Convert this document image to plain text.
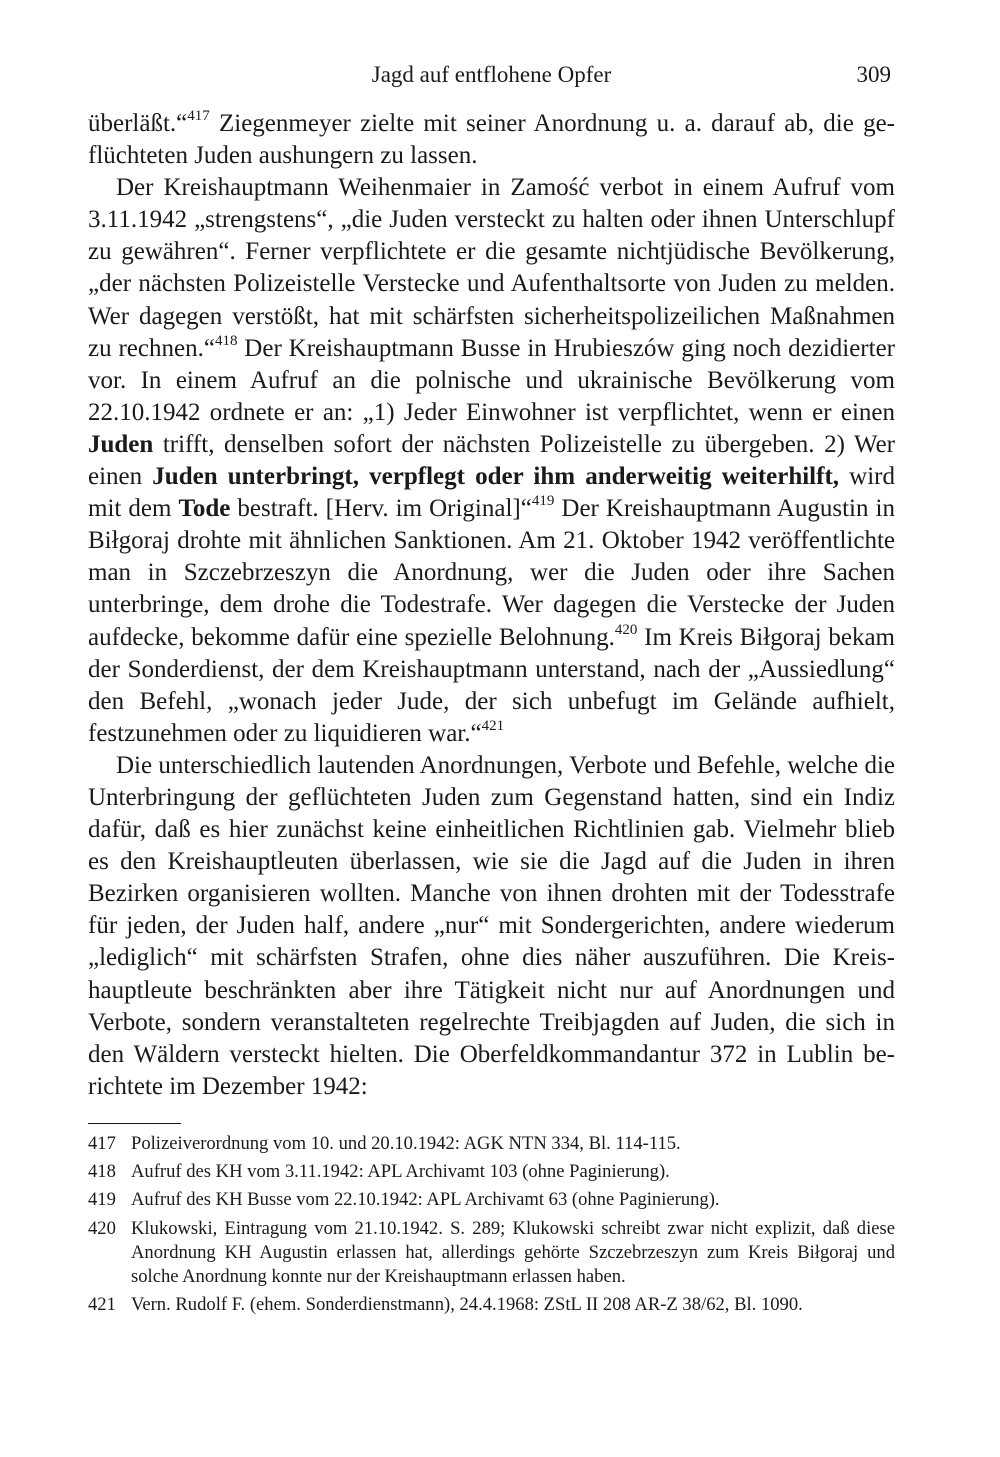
Jagd auf entflohene Opfer	309

überläßt.“$^{417}$ Ziegenmeyer zielte mit seiner Anordnung u. a. darauf ab, die geflüchteten Juden aushungern zu lassen.

Der Kreishauptmann Weihenmaier in Zamość verbot in einem Aufruf vom 3.11.1942 „strengstens“, „die Juden versteckt zu halten oder ihnen Unterschlupf zu gewähren“. Ferner verpflichtete er die gesamte nichtjüdische Bevölkerung, „der nächsten Polizeistelle Verstecke und Aufenthaltsorte von Juden zu melden. Wer dagegen verstößt, hat mit schärfsten sicherheitspolizeilichen Maßnahmen zu rechnen.“$^{418}$ Der Kreishauptmann Busse in Hrubieszów ging noch dezidierter vor. In einem Aufruf an die polnische und ukrainische Bevölkerung vom 22.10.1942 ordnete er an: „1) Jeder Einwohner ist verpflichtet, wenn er einen Juden trifft, denselben sofort der nächsten Polizeistelle zu übergeben. 2) Wer einen Juden unterbringt, verpflegt oder ihm anderweitig weiterhilft, wird mit dem Tode bestraft. [Herv. im Original]“$^{419}$ Der Kreishauptmann Augustin in Biłgoraj drohte mit ähnlichen Sanktionen. Am 21. Oktober 1942 veröffentlichte man in Szczebrzeszyn die Anordnung, wer die Juden oder ihre Sachen unterbringe, dem drohe die Todestrafe. Wer dagegen die Verstecke der Juden aufdecke, bekomme dafür eine spezielle Belohnung.$^{420}$ Im Kreis Biłgoraj bekam der Sonderdienst, der dem Kreishauptmann unterstand, nach der „Aussiedlung“ den Befehl, „wonach jeder Jude, der sich unbefugt im Gelände aufhielt, festzunehmen oder zu liquidieren war.“$^{421}$

Die unterschiedlich lautenden Anordnungen, Verbote und Befehle, welche die Unterbringung der geflüchteten Juden zum Gegenstand hatten, sind ein Indiz dafür, daß es hier zunächst keine einheitlichen Richtlinien gab. Vielmehr blieb es den Kreishauptleuten überlassen, wie sie die Jagd auf die Juden in ihren Bezirken organisieren wollten. Manche von ihnen drohten mit der Todesstrafe für jeden, der Juden half, andere „nur“ mit Sondergerichten, andere wiederum „lediglich“ mit schärfsten Strafen, ohne dies näher auszuführen. Die Kreishauptleute beschränkten aber ihre Tätigkeit nicht nur auf Anordnungen und Verbote, sondern veranstalteten regelrechte Treibjagden auf Juden, die sich in den Wäldern versteckt hielten. Die Oberfeldkommandantur 372 in Lublin berichtete im Dezember 1942:

417 Polizeiverordnung vom 10. und 20.10.1942: AGK NTN 334, Bl. 114-115.
418 Aufruf des KH vom 3.11.1942: APL Archivamt 103 (ohne Paginierung).
419 Aufruf des KH Busse vom 22.10.1942: APL Archivamt 63 (ohne Paginierung).
420 Klukowski, Eintragung vom 21.10.1942. S. 289; Klukowski schreibt zwar nicht explizit, daß diese Anordnung KH Augustin erlassen hat, allerdings gehörte Szczebrzeszyn zum Kreis Biłgoraj und solche Anordnung konnte nur der Kreishauptmann erlassen haben.
421 Vern. Rudolf F. (ehem. Sonderdienstmann), 24.4.1968: ZStL II 208 AR-Z 38/62, Bl. 1090.
